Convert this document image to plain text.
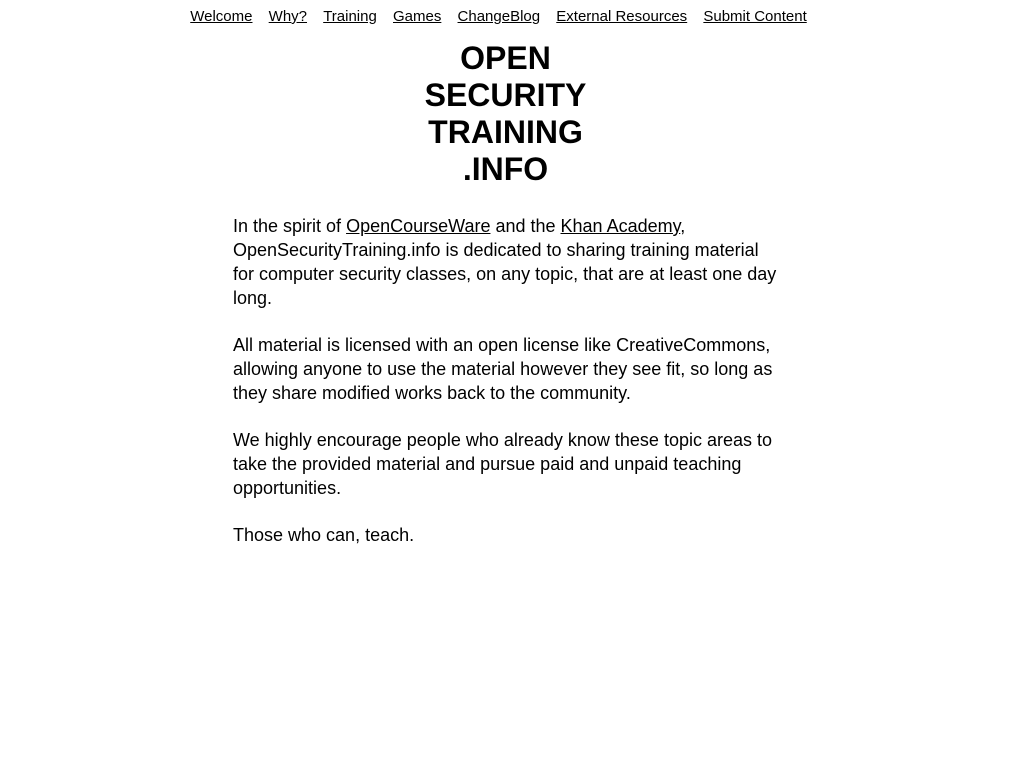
Welcome Why? Training Games ChangeBlog External Resources Submit Content
OPEN
SECURITY
TRAINING
.INFO

In the spirit of OpenCourseWare and the Khan Academy, OpenSecurityTraining.info is dedicated to sharing training material for computer security classes, on any topic, that are at least one day long.

All material is licensed with an open license like CreativeCommons, allowing anyone to use the material however they see fit, so long as they share modified works back to the community.

We highly encourage people who already know these topic areas to take the provided material and pursue paid and unpaid teaching opportunities.

Those who can, teach.
